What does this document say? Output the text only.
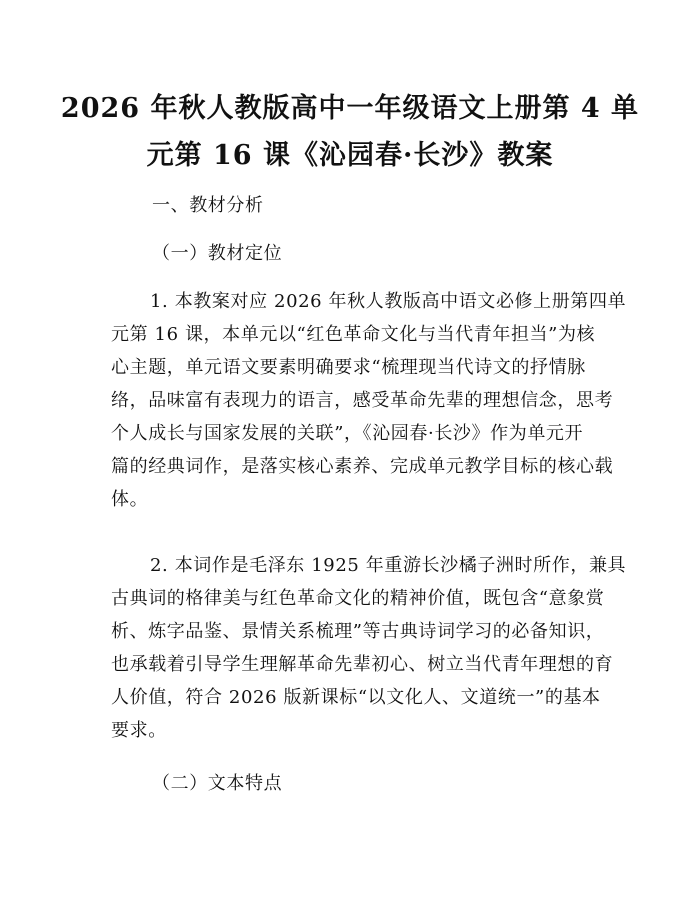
2026 年秋人教版高中一年级语文上册第 4 单
元第 16 课《沁园春·长沙》教案
一、教材分析
（一）教材定位
1. 本教案对应 2026 年秋人教版高中语文必修上册第四单
元第 16 课，本单元以“红色革命文化与当代青年担当”为核
心主题，单元语文要素明确要求“梳理现当代诗文的抒情脉
络，品味富有表现力的语言，感受革命先辈的理想信念，思考
个人成长与国家发展的关联”，《沁园春·长沙》作为单元开
篇的经典词作，是落实核心素养、完成单元教学目标的核心载
体。
2. 本词作是毛泽东 1925 年重游长沙橘子洲时所作，兼具
古典词的格律美与红色革命文化的精神价值，既包含“意象赏
析、炼字品鉴、景情关系梳理”等古典诗词学习的必备知识，
也承载着引导学生理解革命先辈初心、树立当代青年理想的育
人价值，符合 2026 版新课标“以文化人、文道统一”的基本
要求。
（二）文本特点
